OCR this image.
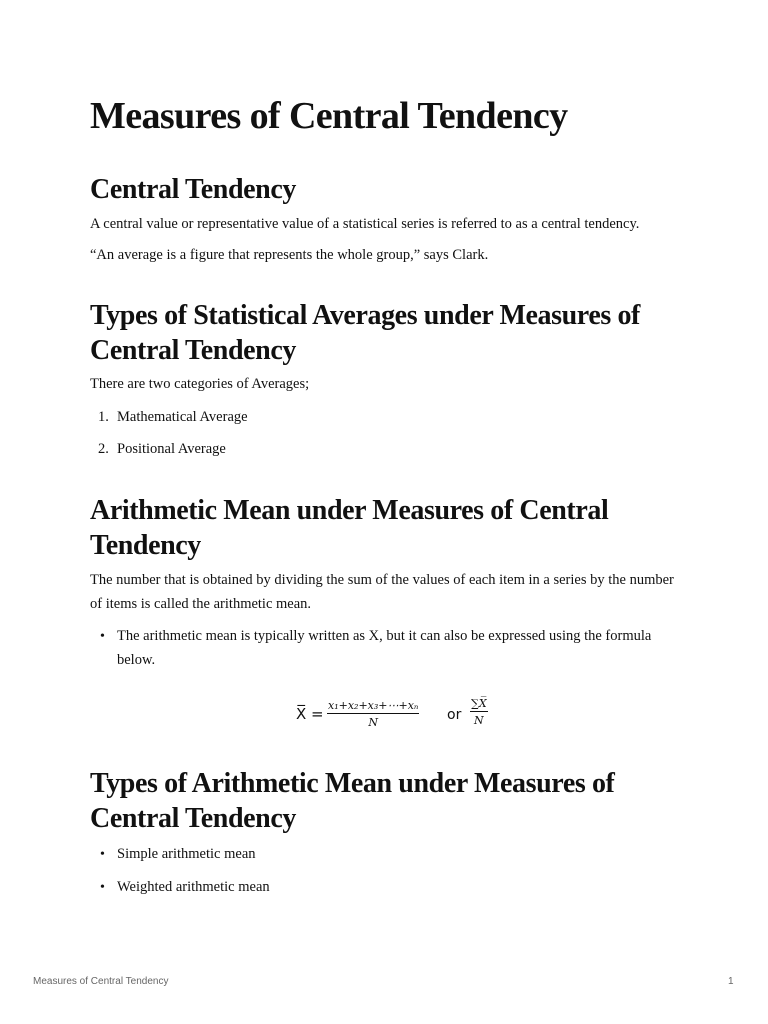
Measures of Central Tendency
Central Tendency

A central value or representative value of a statistical series is referred to as a central tendency.

“An average is a figure that represents the whole group,” says Clark.

Types of Statistical Averages under Measures of Central Tendency

There are two categories of Averages;

1. Mathematical Average
2. Positional Average
Arithmetic Mean under Measures of Central Tendency

The number that is obtained by dividing the sum of the values of each item in a series by the number of items is called the arithmetic mean.

• The arithmetic mean is typically written as X, but it can also be expressed using the formula below.
Types of Arithmetic Mean under Measures of Central Tendency
• Simple arithmetic mean
• Weighted arithmetic mean
X̅ = $\frac{\text{x₁+x₂+x₃+⋯+xₙ}}{N}$ or $\frac{\sum X̅}{N}$
Measures of Central Tendency	1
